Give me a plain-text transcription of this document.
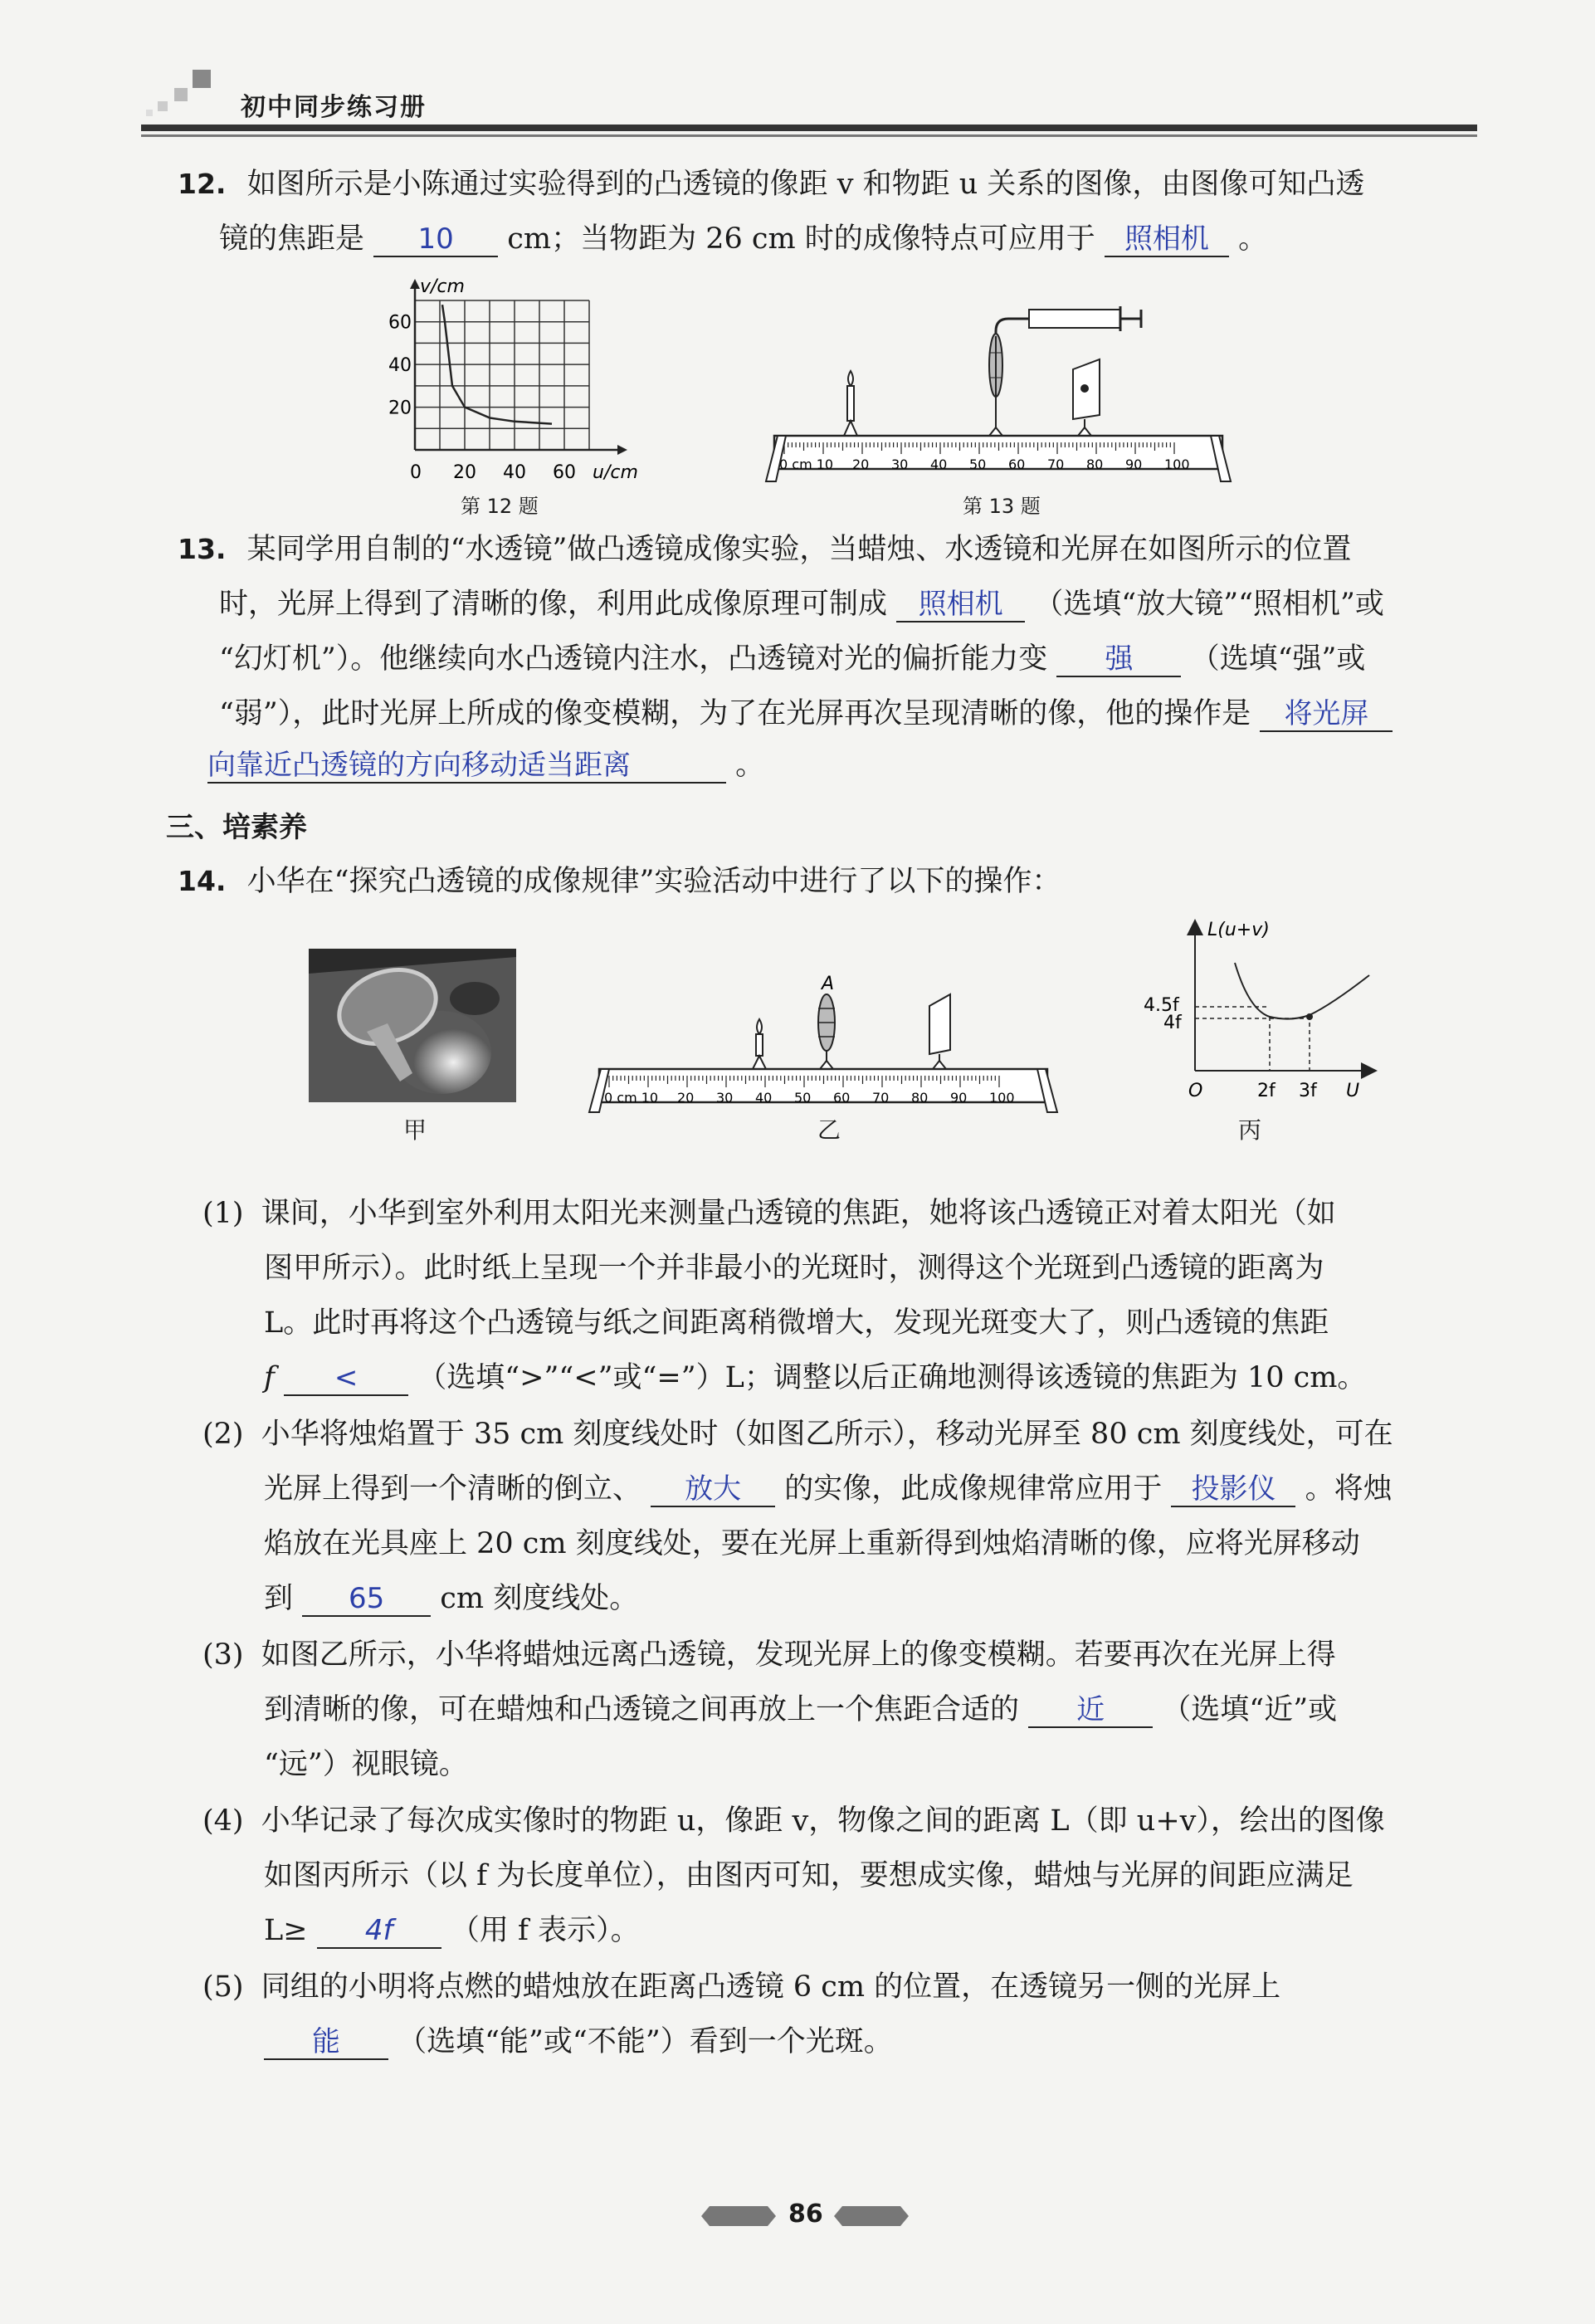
初中同步练习册
12. 如图所示是小陈通过实验得到的凸透镜的像距 v 和物距 u 关系的图像，由图像可知凸透
镜的焦距是 10 cm；当物距为 26 cm 时的成像特点可应用于 照相机 。
v/cm
20
40
60
0 20 40 60 u/cm
第 12 题
0 cm 10 20 30 40 50 60 70 80 90 100
第 13 题
13. 某同学用自制的“水透镜”做凸透镜成像实验，当蜡烛、水透镜和光屏在如图所示的位置
时，光屏上得到了清晰的像，利用此成像原理可制成 照相机 （选填“放大镜”“照相机”或
“幻灯机”）。他继续向水凸透镜内注水，凸透镜对光的偏折能力变 强 （选填“强”或
“弱”），此时光屏上所成的像变模糊，为了在光屏再次呈现清晰的像，他的操作是 将光屏
向靠近凸透镜的方向移动适当距离	。
三、培素养
14. 小华在“探究凸透镜的成像规律”实验活动中进行了以下的操作：
甲
A
0 cm 10 20 30 40 50 60 70 80 90 100
乙
L(u+v)
4.5f
4f
O	2f 3f U
丙
(1) 课间，小华到室外利用太阳光来测量凸透镜的焦距，她将该凸透镜正对着太阳光（如
图甲所示）。此时纸上呈现一个并非最小的光斑时，测得这个光斑到凸透镜的距离为
L。此时再将这个凸透镜与纸之间距离稍微增大，发现光斑变大了，则凸透镜的焦距
f < （选填“>”“<”或“=”）L；调整以后正确地测得该透镜的焦距为 10 cm。
(2) 小华将烛焰置于 35 cm 刻度线处时（如图乙所示），移动光屏至 80 cm 刻度线处，可在
光屏上得到一个清晰的倒立、 放大 的实像，此成像规律常应用于 投影仪 。将烛
焰放在光具座上 20 cm 刻度线处，要在光屏上重新得到烛焰清晰的像，应将光屏移动
到 65 cm 刻度线处。
(3) 如图乙所示，小华将蜡烛远离凸透镜，发现光屏上的像变模糊。若要再次在光屏上得
到清晰的像，可在蜡烛和凸透镜之间再放上一个焦距合适的 近 （选填“近”或
“远”）视眼镜。
(4) 小华记录了每次成实像时的物距 u，像距 v，物像之间的距离 L（即 u+v），绘出的图像
如图丙所示（以 f 为长度单位），由图丙可知，要想成实像，蜡烛与光屏的间距应满足
L≥ 4f （用 f 表示）。
(5) 同组的小明将点燃的蜡烛放在距离凸透镜 6 cm 的位置，在透镜另一侧的光屏上
能 （选填“能”或“不能”）看到一个光斑。
86
